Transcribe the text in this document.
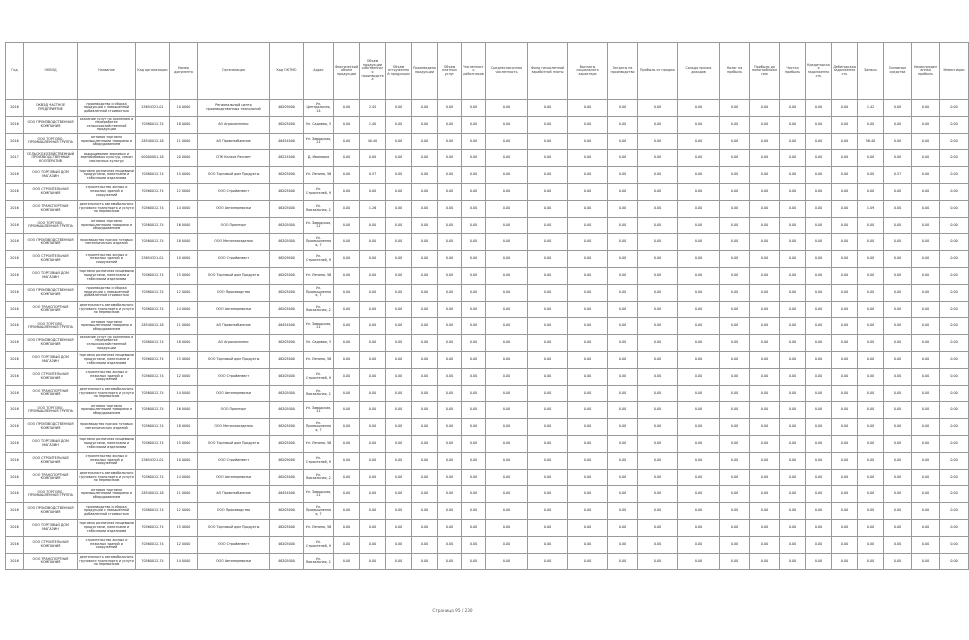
Год	ОКВЭД	Название	Код организации	Номер документа	Организация	Код ОКТМО	Адрес	Фактический объем продукции	Объем продукции собственного производства	Объем отгруженной продукции	Произведено продукции	Объем платных услуг	Численность работников	Среднесписочная численность	Фонд начисленной заработной платы	Выплаты социального характера	Затраты на производство	Прибыль от продаж	Сальдо прочих доходов	Налог на прибыль	Прибыль до налогообложения	Чистая прибыль	Кредиторская задолженность	Дебиторская задолженность	Запасы	Основные средства	Нераспределенная прибыль	Инвестиции
2016	ОКВЭД ЧАСТНОЕ ПРЕДПРИЯТИЕ	производство и сборка продукции с повышенной добавленной стоимостью	25654321-01	10 0000	Региональный центр производственных технологий	46209000	Ул. Центральная, 14	0.00	2.45	0.00	0.00	0.00	0.00	0.00	0.00	0.00	0.00	0.00	0.00	0.00	0.00	0.00	0.00	0.00	1.42	0.00	0.00	0.00
2016	ООО ПРОИЗВОДСТВЕННАЯ КОМПАНИЯ	оказание услуг по хранению и переработке сельскохозяйственной продукции	70560012-74	18 0000	АО Агрокомплекс	46205000	Ул. Садовая, 3	0.00	1.40	0.00	0.00	0.00	0.00	0.00	0.00	0.00	0.00	0.00	0.00	0.00	0.00	0.00	0.00	0.00	0.00	0.00	0.00	0.00
2016	ООО ТОРГОВО-ПРОМЫШЛЕННАЯ ГРУППА	оптовая торговля промышленными товарами и оборудованием	28540012-18	11 0000	АО Промснабжение	46454000	Ул. Заводская, 21	0.00	40.40	0.00	0.00	0.00	0.00	0.00	0.00	0.00	0.00	0.00	0.00	0.00	0.00	0.00	0.00	0.00	56.40	0.00	0.00	0.00
2017	СЕЛЬСКОХОЗЯЙСТВЕННЫЙ ПРОИЗВОДСТВЕННЫЙ КООПЕРАТИВ	выращивание зерновых и зернобобовых культур, семян масличных культур	00000001-18	20 0000	СПК Колхоз Рассвет	46224000	Д. Ивановка	0.00	0.00	0.00	0.00	0.00	0.00	0.00	0.00	0.00	0.00	0.00	0.00	0.00	0.00	0.00	0.00	0.00	0.00	0.00	0.00	0.00
2016	ООО ТОРГОВЫЙ ДОМ МАГАЗИН	торговля розничная пищевыми продуктами, напитками и табачными изделиями	70560012-74	15 0000	ООО Торговый дом Продукты	46205000	Ул. Ленина, 56	0.00	0.57	0.00	0.00	0.00	0.00	0.00	0.00	0.00	0.00	0.00	0.00	0.00	0.00	0.00	0.00	0.00	0.00	0.57	0.00	0.00
2016	ООО СТРОИТЕЛЬНАЯ КОМПАНИЯ	строительство жилых и нежилых зданий и сооружений	70560012-74	12 0000	ООО Стройинвест	46205000	Ул. Строителей, 9	0.00	0.00	0.00	0.00	0.00	0.00	0.00	0.00	0.00	0.00	0.00	0.00	0.00	0.00	0.00	0.00	0.00	0.00	0.00	0.00	0.00
2016	ООО ТРАНСПОРТНАЯ КОМПАНИЯ	деятельность автомобильного грузового транспорта и услуги по перевозкам	70560012-74	14 0000	ООО Автоперевозки	46205000	Ул. Вокзальная, 2	0.00	1.26	0.00	0.00	0.00	0.00	0.00	0.00	0.00	0.00	0.00	0.00	0.00	0.00	0.00	0.00	0.00	1.09	0.00	0.00	0.00
2016	ООО ТОРГОВО-ПРОМЫШЛЕННАЯ ГРУППА	оптовая торговля промышленными товарами и оборудованием	70560012-74	16 0000	ООО Промторг	46205000	Ул. Заводская, 21	0.00	0.00	0.00	0.00	0.00	0.00	0.00	0.00	0.00	0.00	0.00	0.00	0.00	0.00	0.00	0.00	0.00	0.00	0.00	0.00	0.00
2016	ООО ПРОИЗВОДСТВЕННАЯ КОМПАНИЯ	производство прочих готовых металлических изделий	70560012-74	18 0000	ООО Металлоизделия	46205000	Ул. Промышленная, 7	0.00	0.00	0.00	0.00	0.00	0.00	0.00	0.00	0.00	0.00	0.00	0.00	0.00	0.00	0.00	0.00	0.00	0.00	0.00	0.00	0.00
2016	ООО СТРОИТЕЛЬНАЯ КОМПАНИЯ	строительство жилых и нежилых зданий и сооружений	25654321-01	10 0000	ООО Стройинвест	46209000	Ул. Строителей, 9	0.00	0.00	0.00	0.00	0.00	0.00	0.00	0.00	0.00	0.00	0.00	0.00	0.00	0.00	0.00	0.00	0.00	0.00	0.00	0.00	0.00
2016	ООО ТОРГОВЫЙ ДОМ МАГАЗИН	торговля розничная пищевыми продуктами, напитками и табачными изделиями	70560012-74	15 0000	ООО Торговый дом Продукты	46205000	Ул. Ленина, 56	0.00	0.00	0.00	0.00	0.00	0.00	0.00	0.00	0.00	0.00	0.00	0.00	0.00	0.00	0.00	0.00	0.00	0.00	0.00	0.00	0.00
2016	ООО ПРОИЗВОДСТВЕННАЯ КОМПАНИЯ	производство и сборка продукции с повышенной добавленной стоимостью	70560012-74	12 0000	ООО Производство	46205000	Ул. Промышленная, 7	0.00	0.00	0.00	0.00	0.00	0.00	0.00	0.00	0.00	0.00	0.00	0.00	0.00	0.00	0.00	0.00	0.00	0.00	0.00	0.00	0.00
2016	ООО ТРАНСПОРТНАЯ КОМПАНИЯ	деятельность автомобильного грузового транспорта и услуги по перевозкам	70560012-74	14 0000	ООО Автоперевозки	46205000	Ул. Вокзальная, 2	0.00	0.00	0.00	0.00	0.00	0.00	0.00	0.00	0.00	0.00	0.00	0.00	0.00	0.00	0.00	0.00	0.00	0.00	0.00	0.00	0.00
2016	ООО ТОРГОВО-ПРОМЫШЛЕННАЯ ГРУППА	оптовая торговля промышленными товарами и оборудованием	28540012-18	11 0000	АО Промснабжение	46454000	Ул. Заводская, 21	0.00	0.00	0.00	0.00	0.00	0.00	0.00	0.00	0.00	0.00	0.00	0.00	0.00	0.00	0.00	0.00	0.00	0.00	0.00	0.00	0.00
2016	ООО ПРОИЗВОДСТВЕННАЯ КОМПАНИЯ	оказание услуг по хранению и переработке сельскохозяйственной продукции	70560012-74	18 0000	АО Агрокомплекс	46205000	Ул. Садовая, 3	0.00	0.00	0.00	0.00	0.00	0.00	0.00	0.00	0.00	0.00	0.00	0.00	0.00	0.00	0.00	0.00	0.00	0.00	0.00	0.00	0.00
2016	ООО ТОРГОВЫЙ ДОМ МАГАЗИН	торговля розничная пищевыми продуктами, напитками и табачными изделиями	70560012-74	15 0000	ООО Торговый дом Продукты	46205000	Ул. Ленина, 56	0.00	0.00	0.00	0.00	0.00	0.00	0.00	0.00	0.00	0.00	0.00	0.00	0.00	0.00	0.00	0.00	0.00	0.00	0.00	0.00	0.00
2016	ООО СТРОИТЕЛЬНАЯ КОМПАНИЯ	строительство жилых и нежилых зданий и сооружений	70560012-74	12 0000	ООО Стройинвест	46205000	Ул. Строителей, 9	0.00	0.00	0.00	0.00	0.00	0.00	0.00	0.00	0.00	0.00	0.00	0.00	0.00	0.00	0.00	0.00	0.00	0.00	0.00	0.00	0.00
2016	ООО ТРАНСПОРТНАЯ КОМПАНИЯ	деятельность автомобильного грузового транспорта и услуги по перевозкам	70560012-74	14 0000	ООО Автоперевозки	46205000	Ул. Вокзальная, 2	0.00	0.00	0.00	0.00	0.00	0.00	0.00	0.00	0.00	0.00	0.00	0.00	0.00	0.00	0.00	0.00	0.00	0.00	0.00	0.00	0.00
2016	ООО ТОРГОВО-ПРОМЫШЛЕННАЯ ГРУППА	оптовая торговля промышленными товарами и оборудованием	70560012-74	16 0000	ООО Промторг	46205000	Ул. Заводская, 21	0.00	0.00	0.00	0.00	0.00	0.00	0.00	0.00	0.00	0.00	0.00	0.00	0.00	0.00	0.00	0.00	0.00	0.00	0.00	0.00	0.00
2016	ООО ПРОИЗВОДСТВЕННАЯ КОМПАНИЯ	производство прочих готовых металлических изделий	70560012-74	18 0000	ООО Металлоизделия	46205000	Ул. Промышленная, 7	0.00	0.00	0.00	0.00	0.00	0.00	0.00	0.00	0.00	0.00	0.00	0.00	0.00	0.00	0.00	0.00	0.00	0.00	0.00	0.00	0.00
2016	ООО ТОРГОВЫЙ ДОМ МАГАЗИН	торговля розничная пищевыми продуктами, напитками и табачными изделиями	70560012-74	15 0000	ООО Торговый дом Продукты	46205000	Ул. Ленина, 56	0.00	0.00	0.00	0.00	0.00	0.00	0.00	0.00	0.00	0.00	0.00	0.00	0.00	0.00	0.00	0.00	0.00	0.00	0.00	0.00	0.00
2016	ООО СТРОИТЕЛЬНАЯ КОМПАНИЯ	строительство жилых и нежилых зданий и сооружений	25654321-01	10 0000	ООО Стройинвест	46209000	Ул. Строителей, 9	0.00	0.00	0.00	0.00	0.00	0.00	0.00	0.00	0.00	0.00	0.00	0.00	0.00	0.00	0.00	0.00	0.00	0.00	0.00	0.00	0.00
2016	ООО ТРАНСПОРТНАЯ КОМПАНИЯ	деятельность автомобильного грузового транспорта и услуги по перевозкам	70560012-74	14 0000	ООО Автоперевозки	46205000	Ул. Вокзальная, 2	0.00	0.00	0.00	0.00	0.00	0.00	0.00	0.00	0.00	0.00	0.00	0.00	0.00	0.00	0.00	0.00	0.00	0.00	0.00	0.00	0.00
2016	ООО ТОРГОВО-ПРОМЫШЛЕННАЯ ГРУППА	оптовая торговля промышленными товарами и оборудованием	28540012-18	11 0000	АО Промснабжение	46454000	Ул. Заводская, 21	0.00	0.00	0.00	0.00	0.00	0.00	0.00	0.00	0.00	0.00	0.00	0.00	0.00	0.00	0.00	0.00	0.00	0.00	0.00	0.00	0.00
2016	ООО ПРОИЗВОДСТВЕННАЯ КОМПАНИЯ	производство и сборка продукции с повышенной добавленной стоимостью	70560012-74	12 0000	ООО Производство	46205000	Ул. Промышленная, 7	0.00	0.00	0.00	0.00	0.00	0.00	0.00	0.00	0.00	0.00	0.00	0.00	0.00	0.00	0.00	0.00	0.00	0.00	0.00	0.00	0.00
2016	ООО ТОРГОВЫЙ ДОМ МАГАЗИН	торговля розничная пищевыми продуктами, напитками и табачными изделиями	70560012-74	15 0000	ООО Торговый дом Продукты	46205000	Ул. Ленина, 56	0.00	0.00	0.00	0.00	0.00	0.00	0.00	0.00	0.00	0.00	0.00	0.00	0.00	0.00	0.00	0.00	0.00	0.00	0.00	0.00	0.00
2016	ООО СТРОИТЕЛЬНАЯ КОМПАНИЯ	строительство жилых и нежилых зданий и сооружений	70560012-74	12 0000	ООО Стройинвест	46205000	Ул. Строителей, 9	0.00	0.00	0.00	0.00	0.00	0.00	0.00	0.00	0.00	0.00	0.00	0.00	0.00	0.00	0.00	0.00	0.00	0.00	0.00	0.00	0.00
2016	ООО ТРАНСПОРТНАЯ КОМПАНИЯ	деятельность автомобильного грузового транспорта и услуги по перевозкам	70560012-74	14 0000	ООО Автоперевозки	46205000	Ул. Вокзальная, 2	0.00	0.00	0.00	0.00	0.00	0.00	0.00	0.00	0.00	0.00	0.00	0.00	0.00	0.00	0.00	0.00	0.00	0.00	0.00	0.00	0.00
Страница 95 / 230
